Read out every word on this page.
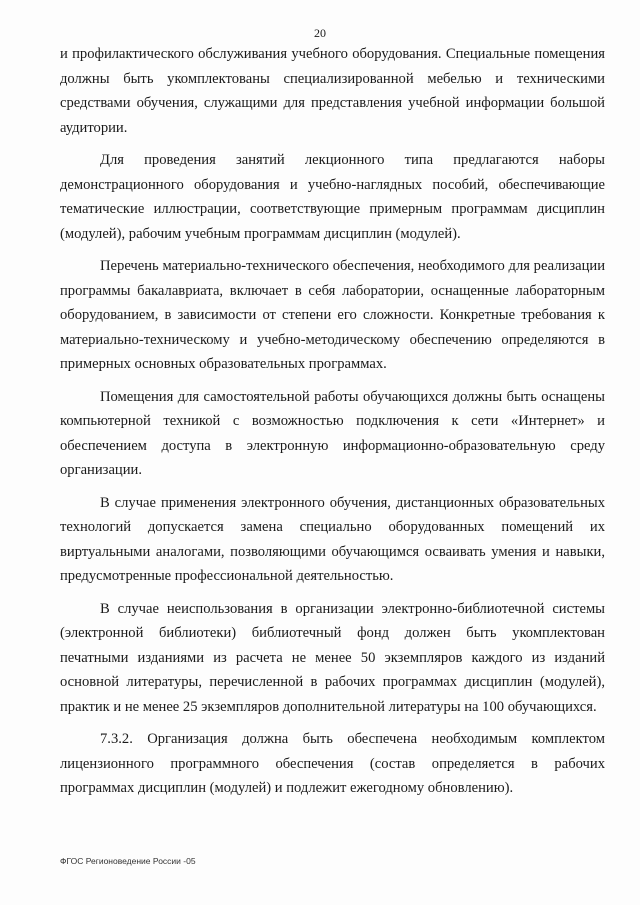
20

и профилактического обслуживания учебного оборудования. Специальные помещения должны быть укомплектованы специализированной мебелью и техническими средствами обучения, служащими для представления учебной информации большой аудитории.

Для проведения занятий лекционного типа предлагаются наборы демонстрационного оборудования и учебно-наглядных пособий, обеспечивающие тематические иллюстрации, соответствующие примерным программам дисциплин (модулей), рабочим учебным программам дисциплин (модулей).

Перечень материально-технического обеспечения, необходимого для реализации программы бакалавриата, включает в себя лаборатории, оснащенные лабораторным оборудованием, в зависимости от степени его сложности. Конкретные требования к материально-техническому и учебно-методическому обеспечению определяются в примерных основных образовательных программах.

Помещения для самостоятельной работы обучающихся должны быть оснащены компьютерной техникой с возможностью подключения к сети «Интернет» и обеспечением доступа в электронную информационно-образовательную среду организации.

В случае применения электронного обучения, дистанционных образовательных технологий допускается замена специально оборудованных помещений их виртуальными аналогами, позволяющими обучающимся осваивать умения и навыки, предусмотренные профессиональной деятельностью.

В случае неиспользования в организации электронно-библиотечной системы (электронной библиотеки) библиотечный фонд должен быть укомплектован печатными изданиями из расчета не менее 50 экземпляров каждого из изданий основной литературы, перечисленной в рабочих программах дисциплин (модулей), практик и не менее 25 экземпляров дополнительной литературы на 100 обучающихся.

7.3.2. Организация должна быть обеспечена необходимым комплектом лицензионного программного обеспечения (состав определяется в рабочих программах дисциплин (модулей) и подлежит ежегодному обновлению).

ФГОС Регионоведение России -05
